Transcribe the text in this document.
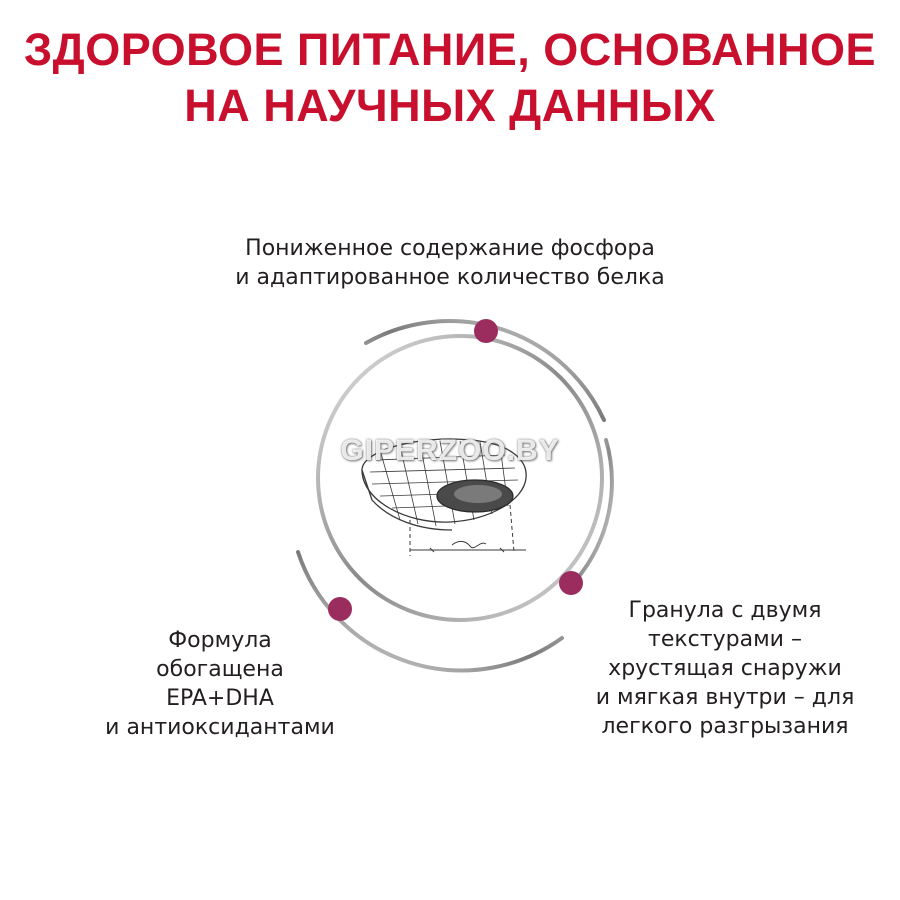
ЗДОРОВОЕ ПИТАНИЕ, ОСНОВАННОЕ
НА НАУЧНЫХ ДАННЫХ
GIPERZOO.BY
Пониженное содержание фосфора
и адаптированное количество белка
Формула
обогащена
EPA+DHA
и антиоксидантами
Гранула с двумя
текстурами –
хрустящая снаружи
и мягкая внутри – для
легкого разгрызания
